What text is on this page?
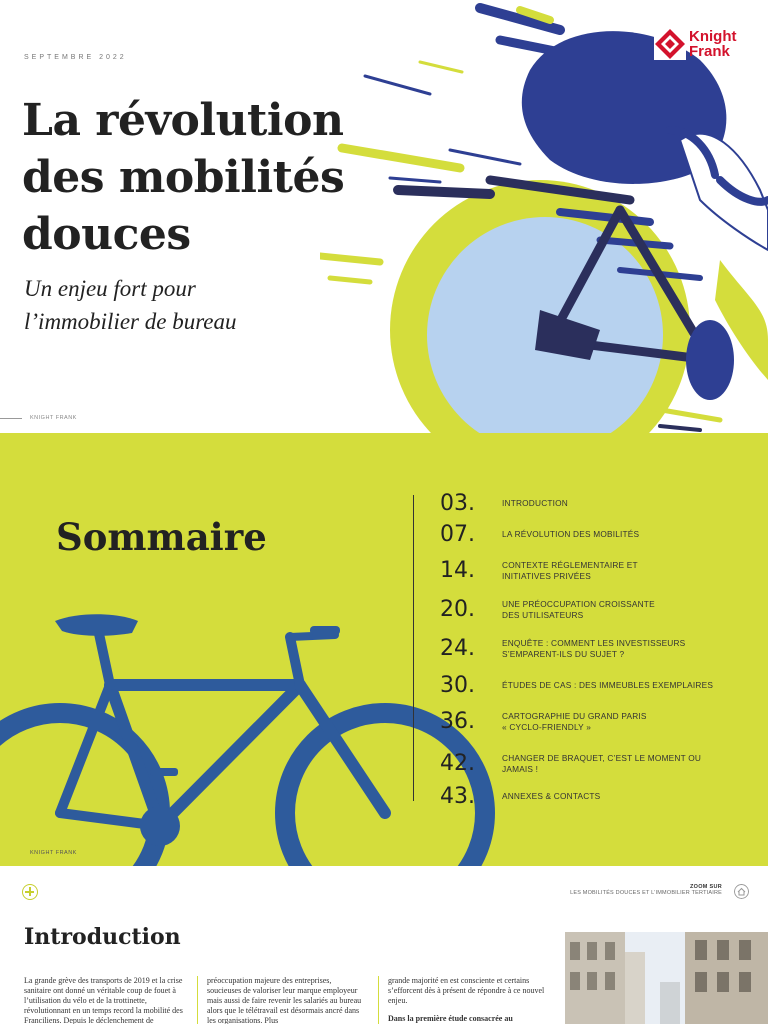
SEPTEMBRE 2022
La révolution
des mobilités
douces

Un enjeu fort pour
l’immobilier de bureau

KNIGHT FRANK
Knight
Frank
Sommaire
03.	INTRODUCTION
07.	LA RÉVOLUTION DES MOBILITÉS
14.	CONTEXTE RÉGLEMENTAIRE ET INITIATIVES PRIVÉES
20.	UNE PRÉOCCUPATION CROISSANTE DES UTILISATEURS
24.	ENQUÊTE : COMMENT LES INVESTISSEURS S’EMPARENT-ILS DU SUJET ?
30.	ÉTUDES DE CAS : DES IMMEUBLES EXEMPLAIRES
36.	CARTOGRAPHIE DU GRAND PARIS « CYCLO-FRIENDLY »
42.	CHANGER DE BRAQUET, C’EST LE MOMENT OU JAMAIS !
43.	ANNEXES & CONTACTS
KNIGHT FRANK
ZOOM SUR
LES MOBILITÉS DOUCES ET L’IMMOBILIER TERTIAIRE
Introduction

La grande grève des transports de 2019 et la crise sanitaire ont donné un véritable coup de fouet à l’utilisation du vélo et de la trottinette, révolutionnant en un temps record la mobilité des Franciliens. Depuis le déclenchement de

préoccupation majeure des entreprises, soucieuses de valoriser leur marque employeur mais aussi de faire revenir les salariés au bureau alors que le télétravail est désormais ancré dans les organisations. Plus

grande majorité en est consciente et certains s’efforcent dès à présent de répondre à ce nouvel enjeu.
Dans la première étude consacrée au
